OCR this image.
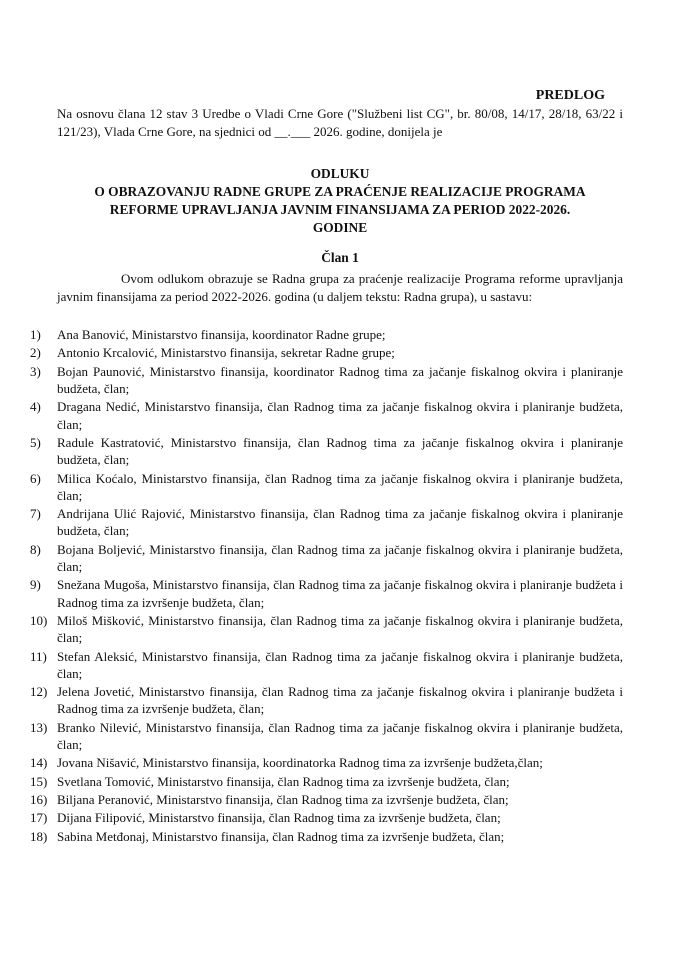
PREDLOG
Na osnovu člana 12 stav 3 Uredbe o Vladi Crne Gore ("Službeni list CG", br. 80/08, 14/17, 28/18, 63/22 i 121/23), Vlada Crne Gore, na sjednici od __.___ 2026. godine, donijela je
ODLUKU
O OBRAZOVANJU RADNE GRUPE ZA PRAĆENJE REALIZACIJE PROGRAMA
REFORME UPRAVLJANJA JAVNIM FINANSIJAMA ZA PERIOD 2022-2026.
GODINE
Član 1
Ovom odlukom obrazuje se Radna grupa za praćenje realizacije Programa reforme upravljanja javnim finansijama za period 2022-2026. godina (u daljem tekstu: Radna grupa), u sastavu:
1) Ana Banović, Ministarstvo finansija, koordinator Radne grupe;
2) Antonio Krcalović, Ministarstvo finansija, sekretar Radne grupe;
3) Bojan Paunović, Ministarstvo finansija, koordinator Radnog tima za jačanje fiskalnog okvira i planiranje budžeta, član;
4) Dragana Nedić, Ministarstvo finansija, član Radnog tima za jačanje fiskalnog okvira i planiranje budžeta, član;
5) Radule Kastratović, Ministarstvo finansija, član Radnog tima za jačanje fiskalnog okvira i planiranje budžeta, član;
6) Milica Koćalo, Ministarstvo finansija, član Radnog tima za jačanje fiskalnog okvira i planiranje budžeta, član;
7) Andrijana Ulić Rajović, Ministarstvo finansija, član Radnog tima za jačanje fiskalnog okvira i planiranje budžeta, član;
8) Bojana Boljević, Ministarstvo finansija, član Radnog tima za jačanje fiskalnog okvira i planiranje budžeta, član;
9) Snežana Mugoša, Ministarstvo finansija, član Radnog tima za jačanje fiskalnog okvira i planiranje budžeta i Radnog tima za izvršenje budžeta, član;
10) Miloš Mišković, Ministarstvo finansija, član Radnog tima za jačanje fiskalnog okvira i planiranje budžeta, član;
11) Stefan Aleksić, Ministarstvo finansija, član Radnog tima za jačanje fiskalnog okvira i planiranje budžeta, član;
12) Jelena Jovetić, Ministarstvo finansija, član Radnog tima za jačanje fiskalnog okvira i planiranje budžeta i Radnog tima za izvršenje budžeta, član;
13) Branko Nilević, Ministarstvo finansija, član Radnog tima za jačanje fiskalnog okvira i planiranje budžeta, član;
14) Jovana Nišavić, Ministarstvo finansija, koordinatorka Radnog tima za izvršenje budžeta,član;
15) Svetlana Tomović, Ministarstvo finansija, član Radnog tima za izvršenje budžeta, član;
16) Biljana Peranović, Ministarstvo finansija, član Radnog tima za izvršenje budžeta, član;
17) Dijana Filipović, Ministarstvo finansija, član Radnog tima za izvršenje budžeta, član;
18) Sabina Metđonaj, Ministarstvo finansija, član Radnog tima za izvršenje budžeta, član;
